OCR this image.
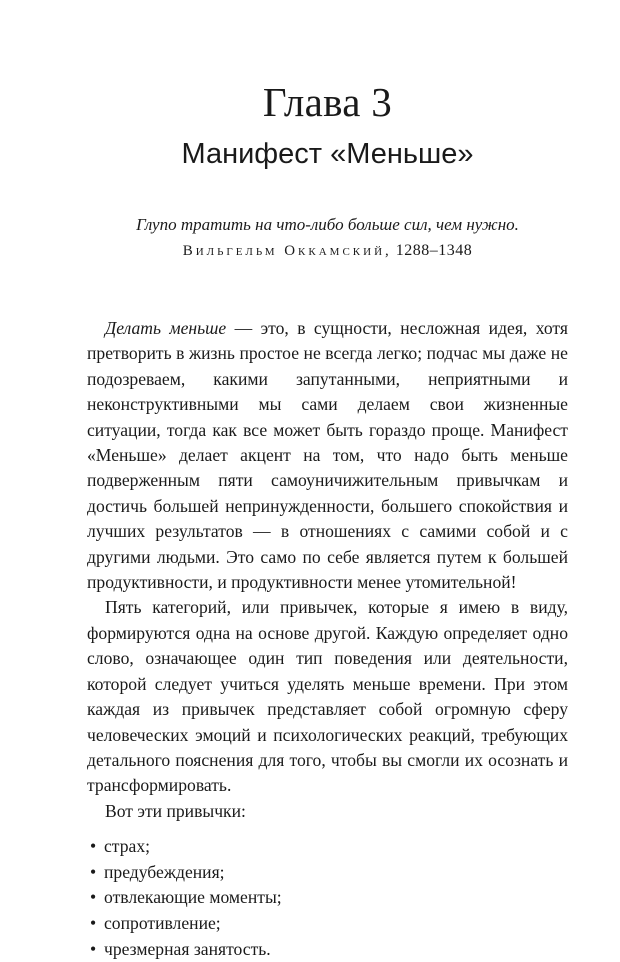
Глава 3
Манифест «Меньше»
Глупо тратить на что-либо больше сил, чем нужно.
Вильгельм Оккамский, 1288–1348

Делать меньше — это, в сущности, несложная идея, хотя претворить в жизнь простое не всегда легко; подчас мы даже не подозреваем, какими запутанными, неприятными и неконструктивными мы сами делаем свои жизненные ситуации, тогда как все может быть гораздо проще. Манифест «Меньше» делает акцент на том, что надо быть меньше подверженным пяти самоуничижительным привычкам и достичь большей непринужденности, большего спокойствия и лучших результатов — в отношениях с самими собой и с другими людьми. Это само по себе является путем к большей продуктивности, и продуктивности менее утомительной!

Пять категорий, или привычек, которые я имею в виду, формируются одна на основе другой. Каждую определяет одно слово, означающее один тип поведения или деятельности, которой следует учиться уделять меньше времени. При этом каждая из привычек представляет собой огромную сферу человеческих эмоций и психологических реакций, требующих детального пояснения для того, чтобы вы смогли их осознать и трансформировать.

Вот эти привычки:

• страх;
• предубеждения;
• отвлекающие моменты;
• сопротивление;
• чрезмерная занятость.
